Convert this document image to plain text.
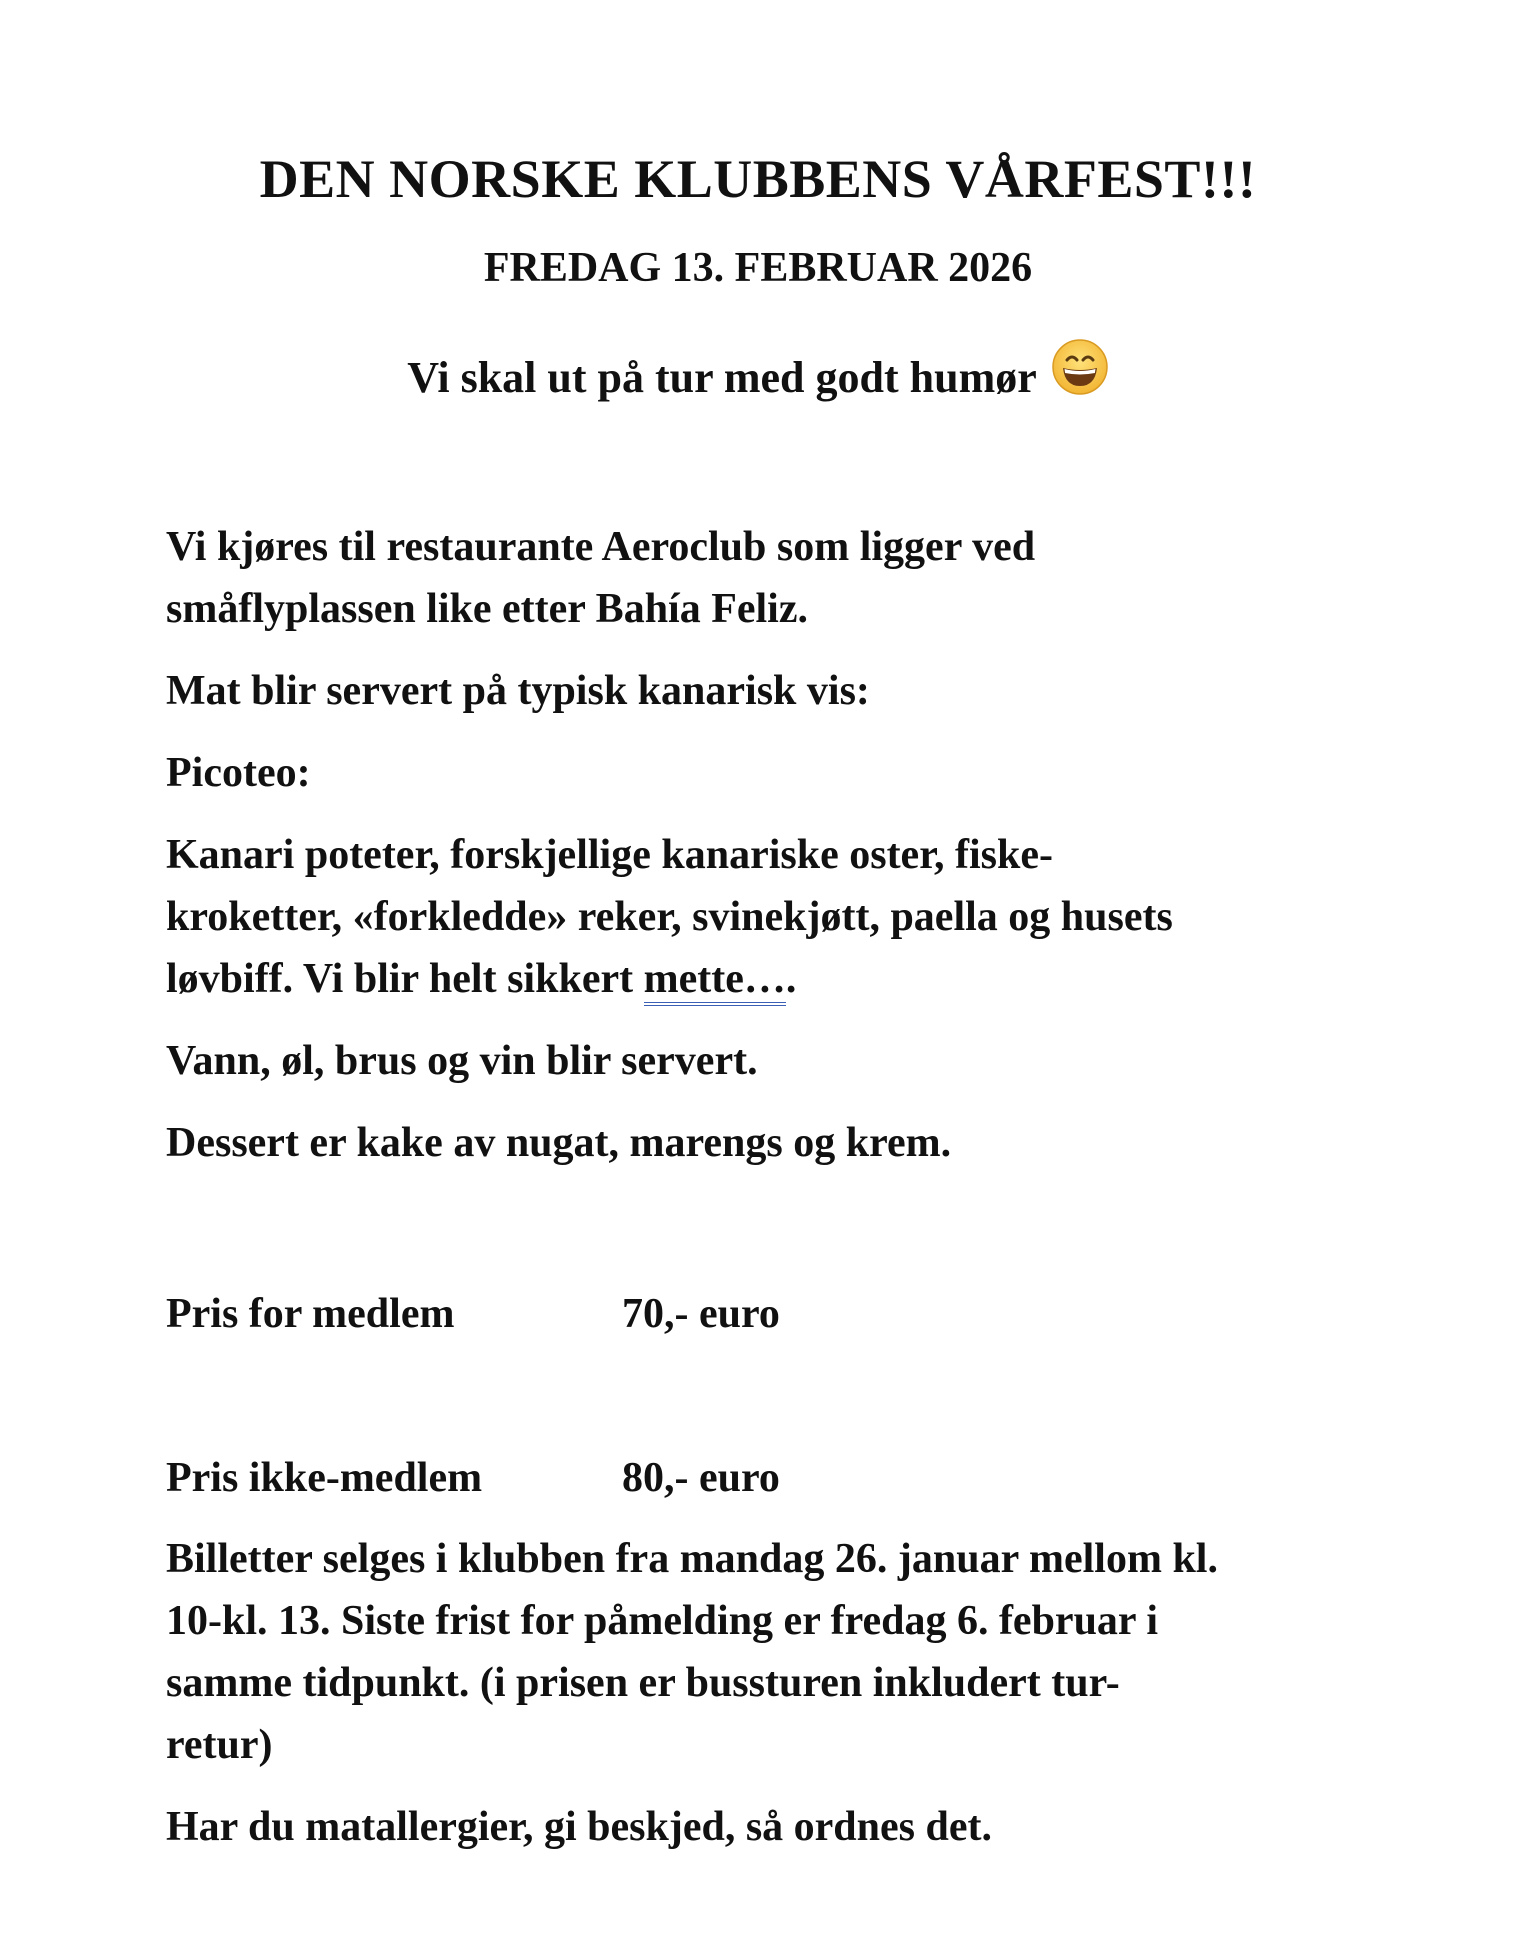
DEN NORSKE KLUBBENS VÅRFEST!!!
FREDAG 13. FEBRUAR 2026
Vi skal ut på tur med godt humør
Vi kjøres til restaurante Aeroclub som ligger ved
småflyplassen like etter Bahía Feliz.
Mat blir servert på typisk kanarisk vis:
Picoteo:
Kanari poteter, forskjellige kanariske oster, fiske-
kroketter, «forkledde» reker, svinekjøtt, paella og husets
løvbiff. Vi blir helt sikkert mette….
Vann, øl, brus og vin blir servert.
Dessert er kake av nugat, marengs og krem.
Pris for medlem	70,- euro
Pris ikke-medlem	80,- euro
Billetter selges i klubben fra mandag 26. januar mellom kl.
10-kl. 13. Siste frist for påmelding er fredag 6. februar i
samme tidpunkt. (i prisen er bussturen inkludert tur-
retur)
Har du matallergier, gi beskjed, så ordnes det.
